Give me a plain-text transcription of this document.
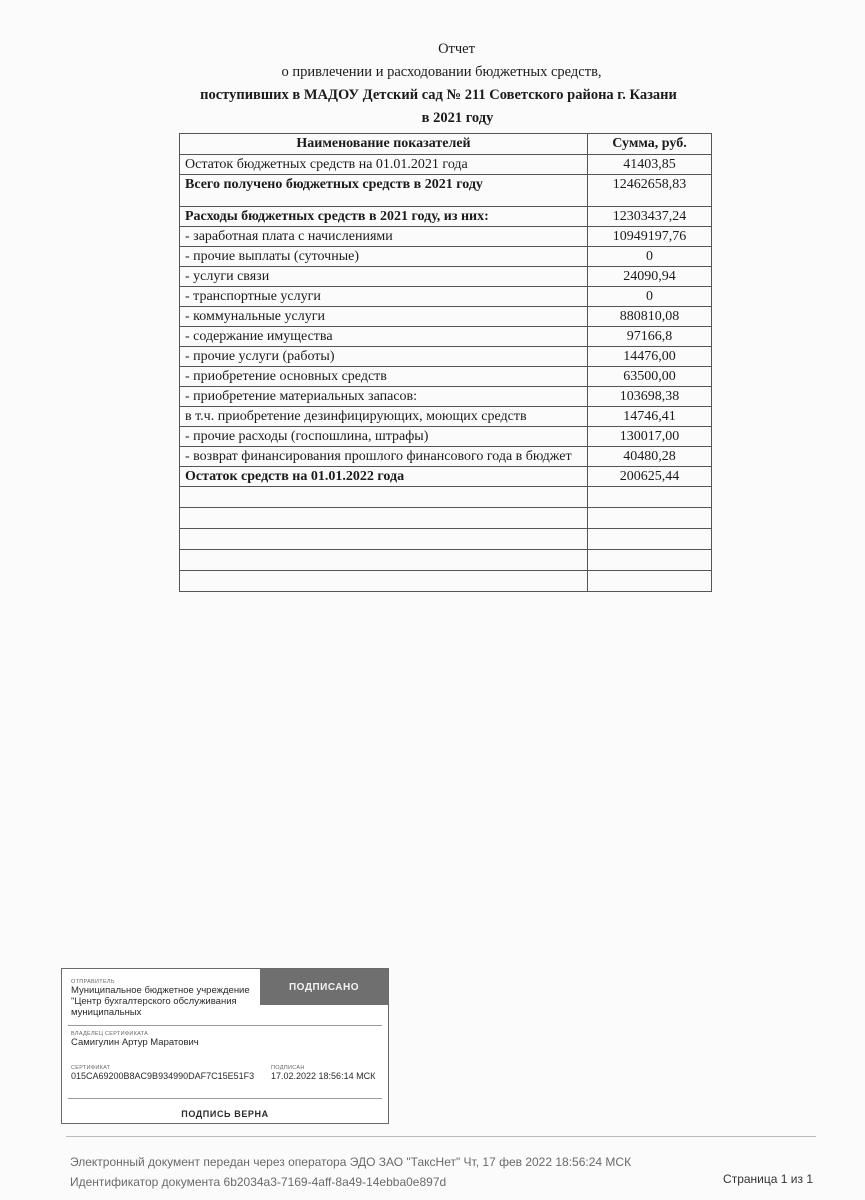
Отчет
о привлечении и расходовании бюджетных средств,
поступивших в МАДОУ Детский сад № 211 Советского района г. Казани
в 2021 году
Наименование показателей	Сумма, руб.
Остаток бюджетных средств на 01.01.2021 года	41403,85
Всего получено бюджетных средств в 2021 году	12462658,83
Расходы бюджетных средств в 2021 году, из них:	12303437,24
- заработная плата с начислениями	10949197,76
- прочие выплаты (суточные)	0
- услуги связи	24090,94
- транспортные услуги	0
- коммунальные услуги	880810,08
- содержание имущества	97166,8
- прочие услуги (работы)	14476,00
- приобретение основных средств	63500,00
- приобретение материальных запасов:	103698,38
в т.ч. приобретение дезинфицирующих, моющих средств	14746,41
- прочие расходы (госпошлина, штрафы)	130017,00
- возврат финансирования прошлого финансового года в бюджет	40480,28
Остаток средств на 01.01.2022 года	200625,44

ОТПРАВИТЕЛЬ
Муниципальное бюджетное учреждение "Центр бухгалтерского обслуживания муниципальных
ПОДПИСАНО
ВЛАДЕЛЕЦ СЕРТИФИКАТА
Самигулин Артур Маратович
СЕРТИФИКАТ
015CA69200B8AC9B934990DAF7C15E51F3
ПОДПИСАН
17.02.2022 18:56:14 МСК
ПОДПИСЬ ВЕРНА
Электронный документ передан через оператора ЭДО ЗАО "ТаксНет" Чт, 17 фев 2022 18:56:24 МСК
Идентификатор документа 6b2034a3-7169-4aff-8a49-14ebba0e897d	Страница 1 из 1
